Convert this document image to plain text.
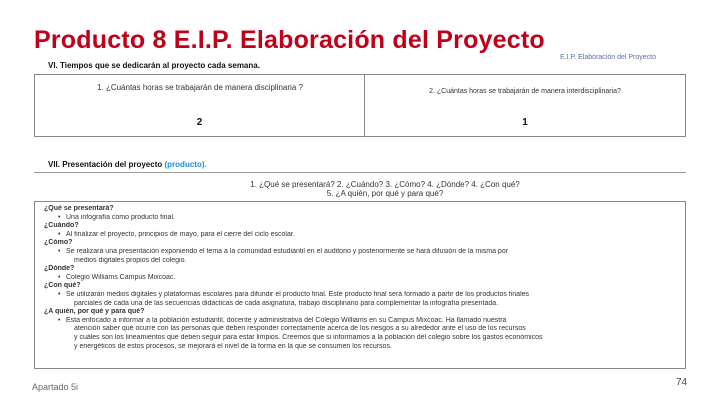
Producto 8 E.I.P. Elaboración del Proyecto
E.I.P. Elaboración del Proyecto
VI. Tiempos que se dedicarán al proyecto cada semana.
1. ¿Cuántas horas se trabajarán de manera disciplinaria ?
2
2. ¿Cuántas horas se trabajarán de manera interdisciplinaria?
1
VII. Presentación del proyecto (producto).
1. ¿Qué se presentará? 2. ¿Cuándo? 3. ¿Cómo? 4. ¿Dónde? 4. ¿Con qué?
5. ¿A quién, por qué y para qué?
¿Qué se presentará?
• Una infografía como producto final.
¿Cuándo?
• Al finalizar el proyecto, principios de mayo, para el cierre del ciclo escolar.
¿Cómo?
• Se realizará una presentación exponiendo el tema a la comunidad estudiantil en el auditorio y posteriormente se hará difusión de la misma por
medios digitales propios del colegio.
¿Dónde?
• Colegio Williams Campus Mixcoac.
¿Con qué?
• Se utilizarán medios digitales y plataformas escolares para difundir el producto final. Este producto final será formado a partir de los productos finales
parciales de cada una de las secuencias didácticas de cada asignatura, trabajo disciplinario para complementar la infografía presentada.
¿A quién, por qué y para qué?
• Esta enfocado a informar a la población estudiantil, docente y administrativa del Colegio Williams en su Campus Mixcoac. Ha llamado nuestra
atención saber qué ocurre con las personas que deben responder correctamente acerca de los riesgos a su alrededor ante el uso de los recursos
y cuáles son los lineamientos que deben seguir para estar limpios. Creemos que si informamos a la población del colegio sobre los gastos económicos
y energéticos de estos procesos, se mejorará el nivel de la forma en la que se consumen los recursos.
Apartado 5i	74
